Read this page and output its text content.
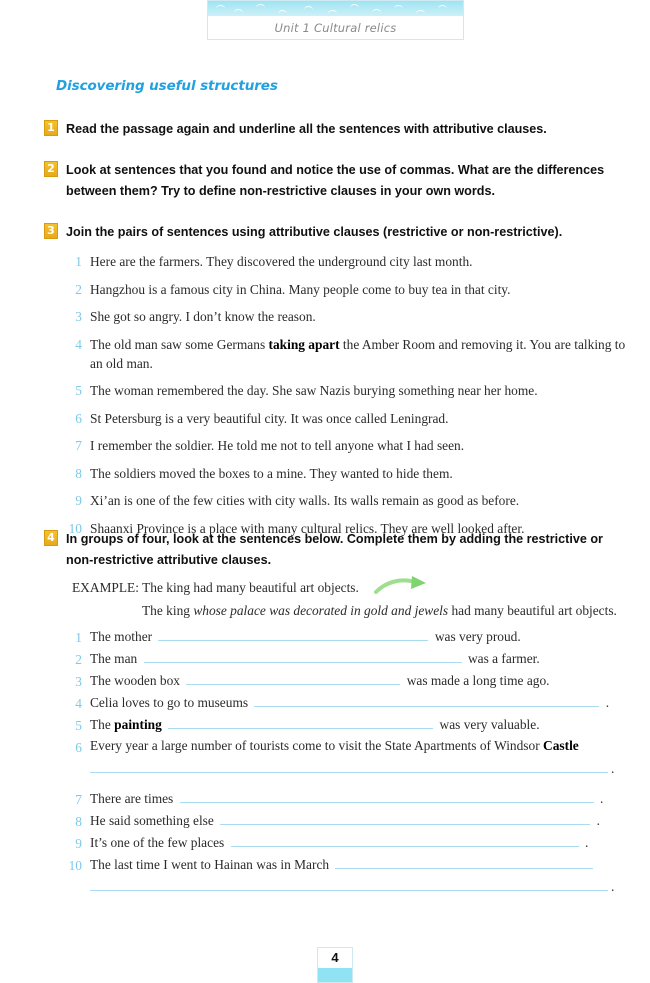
Unit 1 Cultural relics
Discovering useful structures
1 Read the passage again and underline all the sentences with attributive clauses.
2 Look at sentences that you found and notice the use of commas. What are the differences between them? Try to define non-restrictive clauses in your own words.
3 Join the pairs of sentences using attributive clauses (restrictive or non-restrictive).
1 Here are the farmers. They discovered the underground city last month.
2 Hangzhou is a famous city in China. Many people come to buy tea in that city.
3 She got so angry. I don’t know the reason.
4 The old man saw some Germans taking apart the Amber Room and removing it. You are talking to an old man.
5 The woman remembered the day. She saw Nazis burying something near her home.
6 St Petersburg is a very beautiful city. It was once called Leningrad.
7 I remember the soldier. He told me not to tell anyone what I had seen.
8 The soldiers moved the boxes to a mine. They wanted to hide them.
9 Xi’an is one of the few cities with city walls. Its walls remain as good as before.
10 Shaanxi Province is a place with many cultural relics. They are well looked after.
4 In groups of four, look at the sentences below. Complete them by adding the restrictive or non-restrictive attributive clauses.
EXAMPLE: The king had many beautiful art objects.
The king whose palace was decorated in gold and jewels had many beautiful art objects.
1 The mother	was very proud.
2 The man	was a farmer.
3 The wooden box	was made a long time ago.
4 Celia loves to go to museums	.
5 The painting	was very valuable.
6 Every year a large number of tourists come to visit the State Apartments of Windsor Castle
.
7 There are times	.
8 He said something else	.
9 It’s one of the few places	.
10 The last time I went to Hainan was in March
.
4
